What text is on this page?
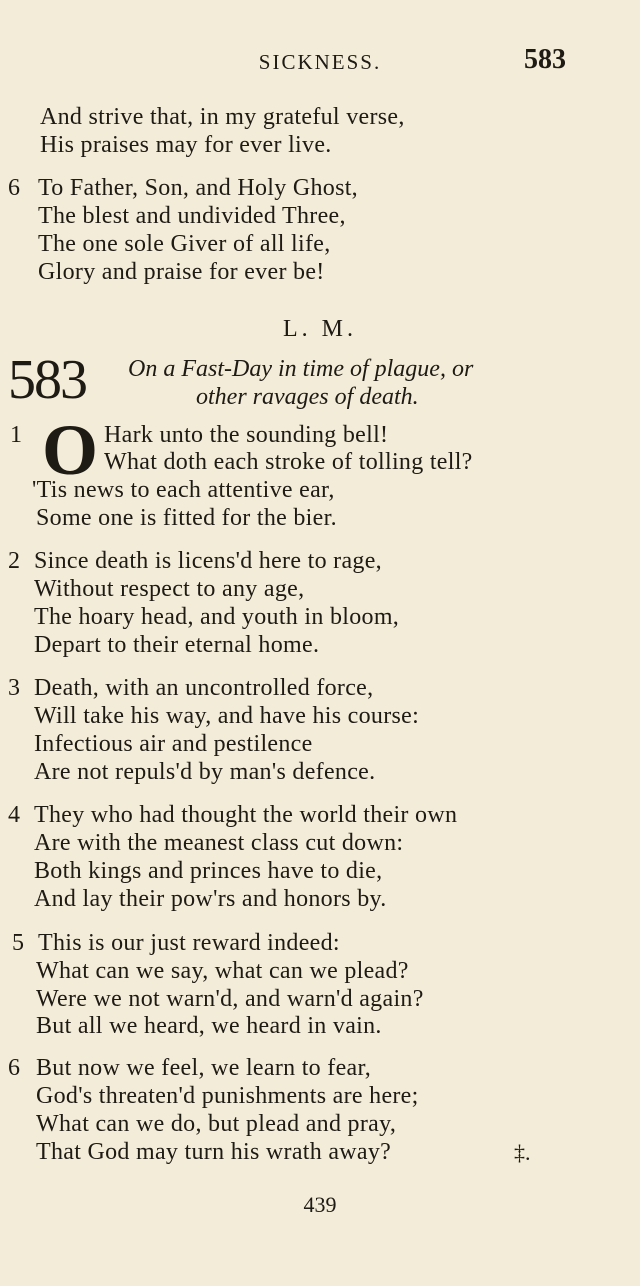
SICKNESS.	583
And strive that, in my grateful verse,
His praises may for ever live.
6 To Father, Son, and Holy Ghost,
The blest and undivided Three,
The one sole Giver of all life,
Glory and praise for ever be!
L. M.
583 On a Fast-Day in time of plague, or
other ravages of death.
1 O Hark unto the sounding bell!
What doth each stroke of tolling tell?
'Tis news to each attentive ear,
Some one is fitted for the bier.
2 Since death is licens'd here to rage,
Without respect to any age,
The hoary head, and youth in bloom,
Depart to their eternal home.
3 Death, with an uncontrolled force,
Will take his way, and have his course:
Infectious air and pestilence
Are not repuls'd by man's defence.
4 They who had thought the world their own
Are with the meanest class cut down:
Both kings and princes have to die,
And lay their pow'rs and honors by.
5 This is our just reward indeed:
What can we say, what can we plead?
Were we not warn'd, and warn'd again?
But all we heard, we heard in vain.
6 But now we feel, we learn to fear,
God's threaten'd punishments are here;
What can we do, but plead and pray,
That God may turn his wrath away?	‡.
439
